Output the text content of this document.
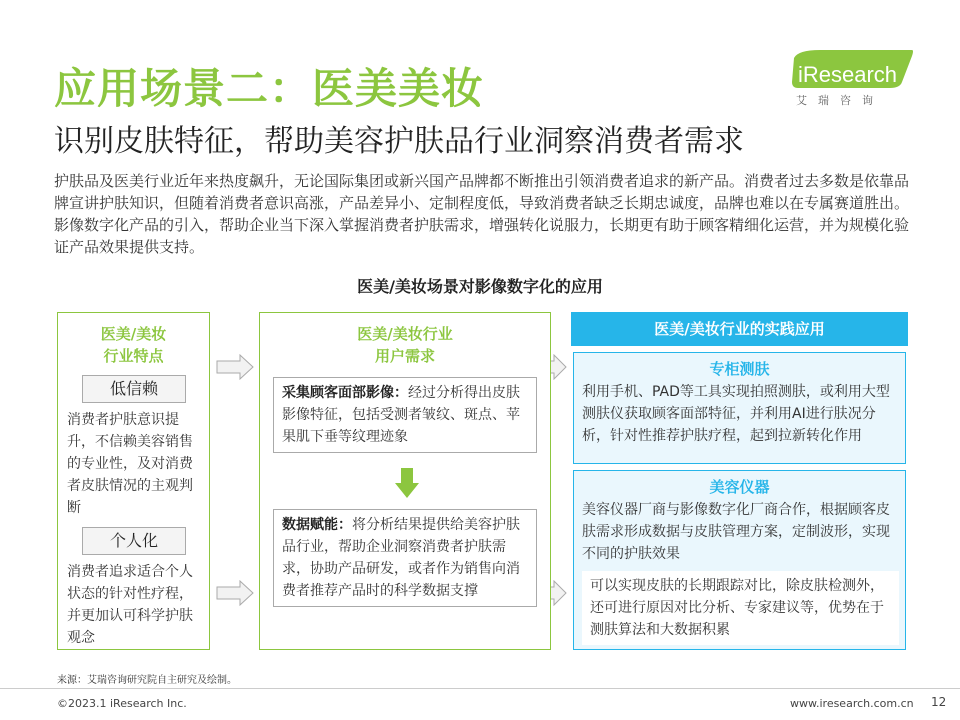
应用场景二：医美美妆
识别皮肤特征，帮助美容护肤品行业洞察消费者需求
护肤品及医美行业近年来热度飙升，无论国际集团或新兴国产品牌都不断推出引领消费者追求的新产品。消费者过去多数是依靠品牌宣讲护肤知识，但随着消费者意识高涨，产品差异小、定制程度低，导致消费者缺乏长期忠诚度，品牌也难以在专属赛道胜出。影像数字化产品的引入，帮助企业当下深入掌握消费者护肤需求，增强转化说服力，长期更有助于顾客精细化运营，并为规模化验证产品效果提供支持。
iResearch
艾瑞咨询
医美/美妆场景对影像数字化的应用
医美/美妆
行业特点
低信赖
消费者护肤意识提升，不信赖美容销售的专业性，及对消费者皮肤情况的主观判断
个人化
消费者追求适合个人状态的针对性疗程，并更加认可科学护肤观念
医美/美妆行业
用户需求
采集顾客面部影像：经过分析得出皮肤影像特征，包括受测者皱纹、斑点、苹果肌下垂等纹理迹象
数据赋能：将分析结果提供给美容护肤品行业，帮助企业洞察消费者护肤需求，协助产品研发，或者作为销售向消费者推荐产品时的科学数据支撑
医美/美妆行业的实践应用
专柜测肤
利用手机、PAD等工具实现拍照测肤，或利用大型测肤仪获取顾客面部特征，并利用AI进行肤况分析，针对性推荐护肤疗程，起到拉新转化作用
美容仪器
美容仪器厂商与影像数字化厂商合作，根据顾客皮肤需求形成数据与皮肤管理方案，定制波形，实现不同的护肤效果
可以实现皮肤的长期跟踪对比，除皮肤检测外，还可进行原因对比分析、专家建议等，优势在于测肤算法和大数据积累
来源：艾瑞咨询研究院自主研究及绘制。
©2023.1 iResearch Inc.	www.iresearch.com.cn 12
